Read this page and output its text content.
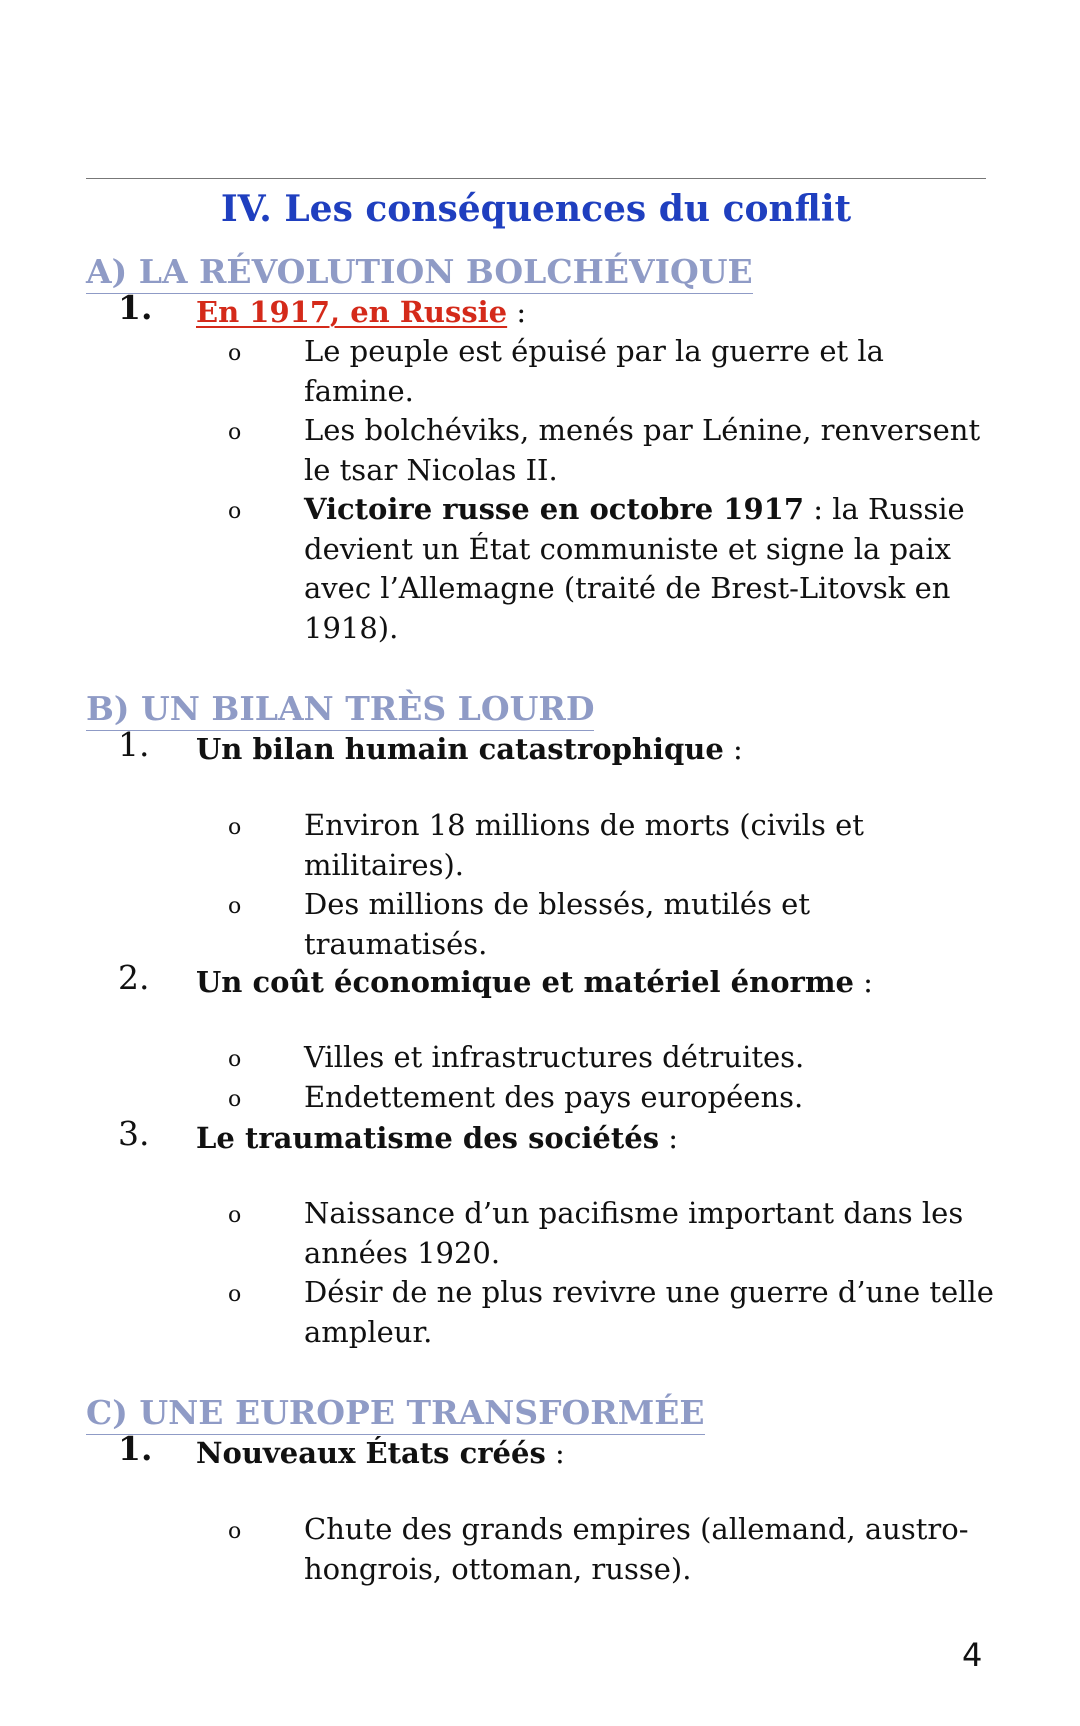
IV. Les conséquences du conflit
A) LA RÉVOLUTION BOLCHÉVIQUE
1. En 1917, en Russie :
o Le peuple est épuisé par la guerre et la famine.
o Les bolchéviks, menés par Lénine, renversent le tsar Nicolas II.
o Victoire russe en octobre 1917 : la Russie devient un État communiste et signe la paix avec l’Allemagne (traité de Brest-Litovsk en 1918).
B) UN BILAN TRÈS LOURD
1. Un bilan humain catastrophique :
o Environ 18 millions de morts (civils et militaires).
o Des millions de blessés, mutilés et traumatisés.
2. Un coût économique et matériel énorme :
o Villes et infrastructures détruites.
o Endettement des pays européens.
3. Le traumatisme des sociétés :
o Naissance d’un pacifisme important dans les années 1920.
o Désir de ne plus revivre une guerre d’une telle ampleur.
C) UNE EUROPE TRANSFORMÉE
1. Nouveaux États créés :
o Chute des grands empires (allemand, austro-hongrois, ottoman, russe).
4
